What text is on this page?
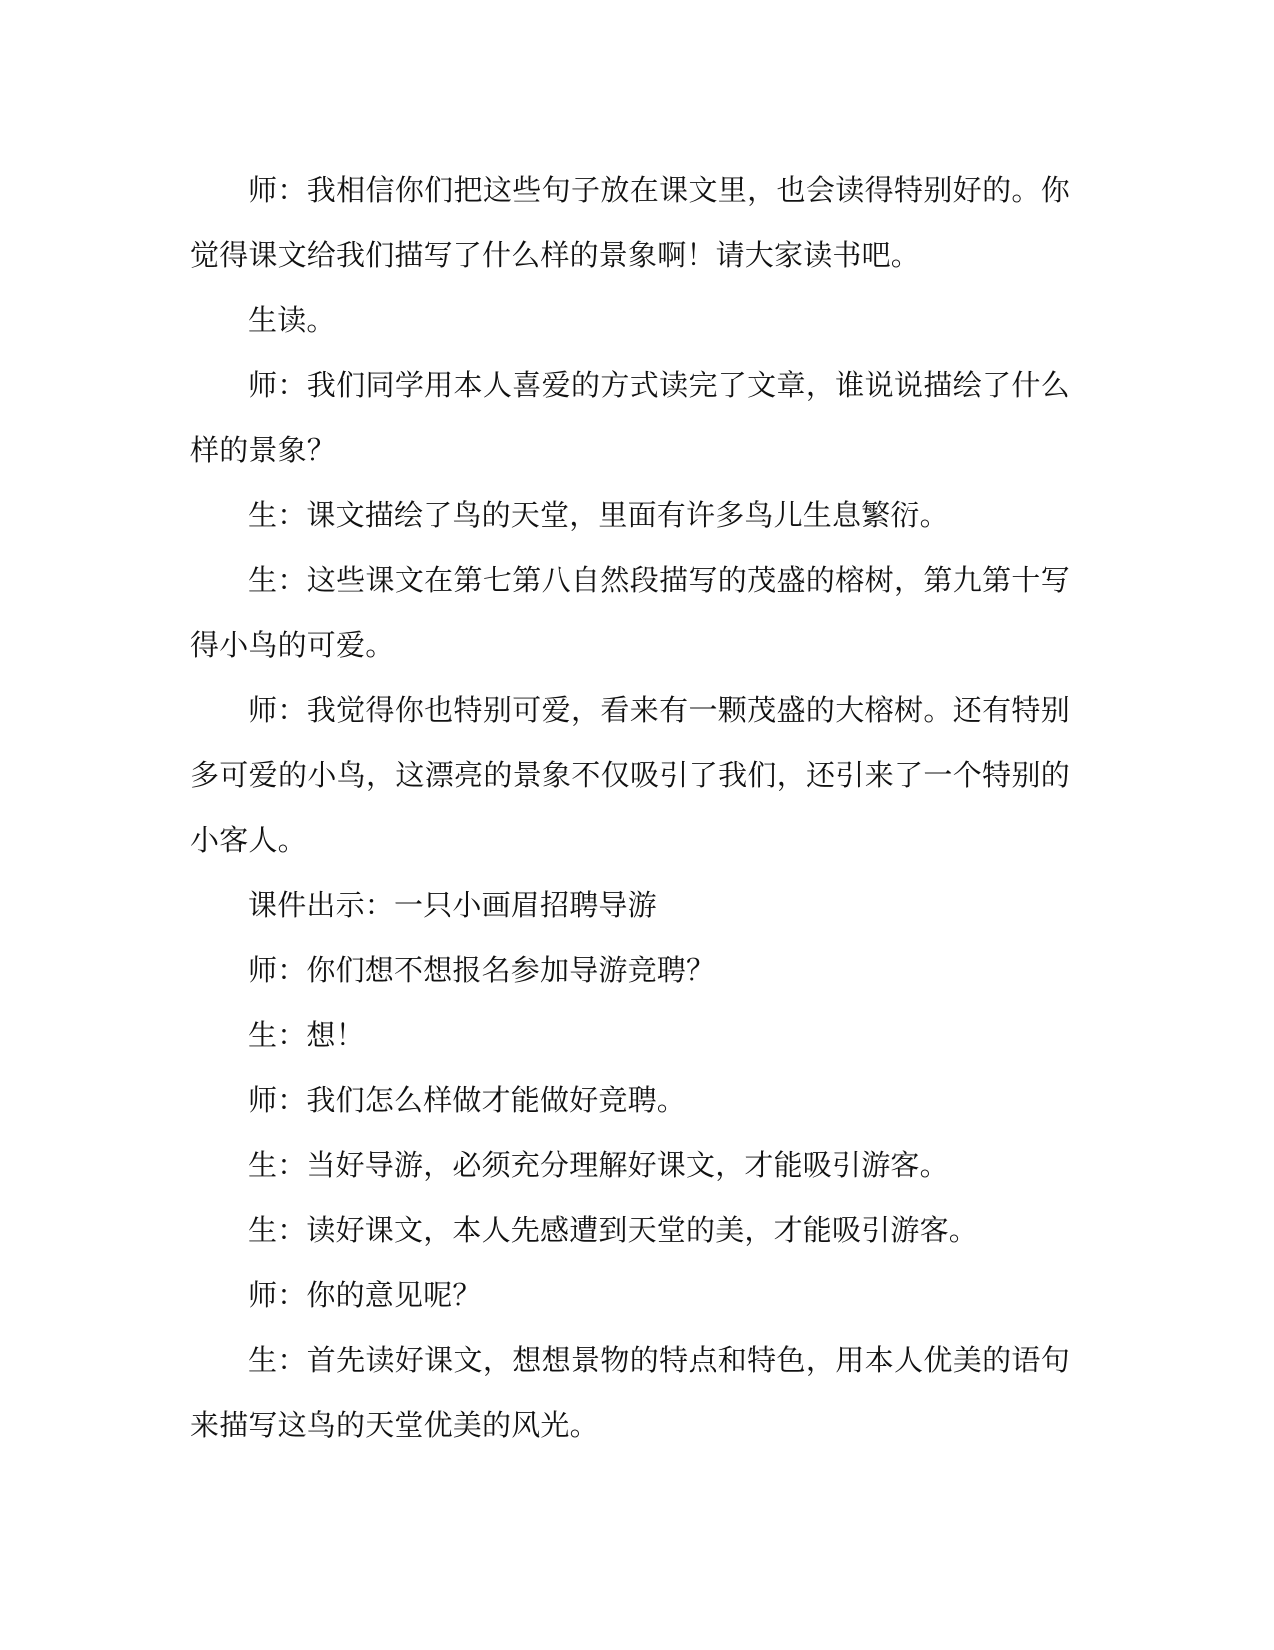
师：我相信你们把这些句子放在课文里，也会读得特别好的。你觉得课文给我们描写了什么样的景象啊！请大家读书吧。

生读。

师：我们同学用本人喜爱的方式读完了文章，谁说说描绘了什么样的景象？

生：课文描绘了鸟的天堂，里面有许多鸟儿生息繁衍。

生：这些课文在第七第八自然段描写的茂盛的榕树，第九第十写得小鸟的可爱。

师：我觉得你也特别可爱，看来有一颗茂盛的大榕树。还有特别多可爱的小鸟，这漂亮的景象不仅吸引了我们，还引来了一个特别的小客人。

课件出示：一只小画眉招聘导游

师：你们想不想报名参加导游竞聘？

生：想！

师：我们怎么样做才能做好竞聘。

生：当好导游，必须充分理解好课文，才能吸引游客。

生：读好课文，本人先感遭到天堂的美，才能吸引游客。

师：你的意见呢？

生：首先读好课文，想想景物的特点和特色，用本人优美的语句来描写这鸟的天堂优美的风光。
